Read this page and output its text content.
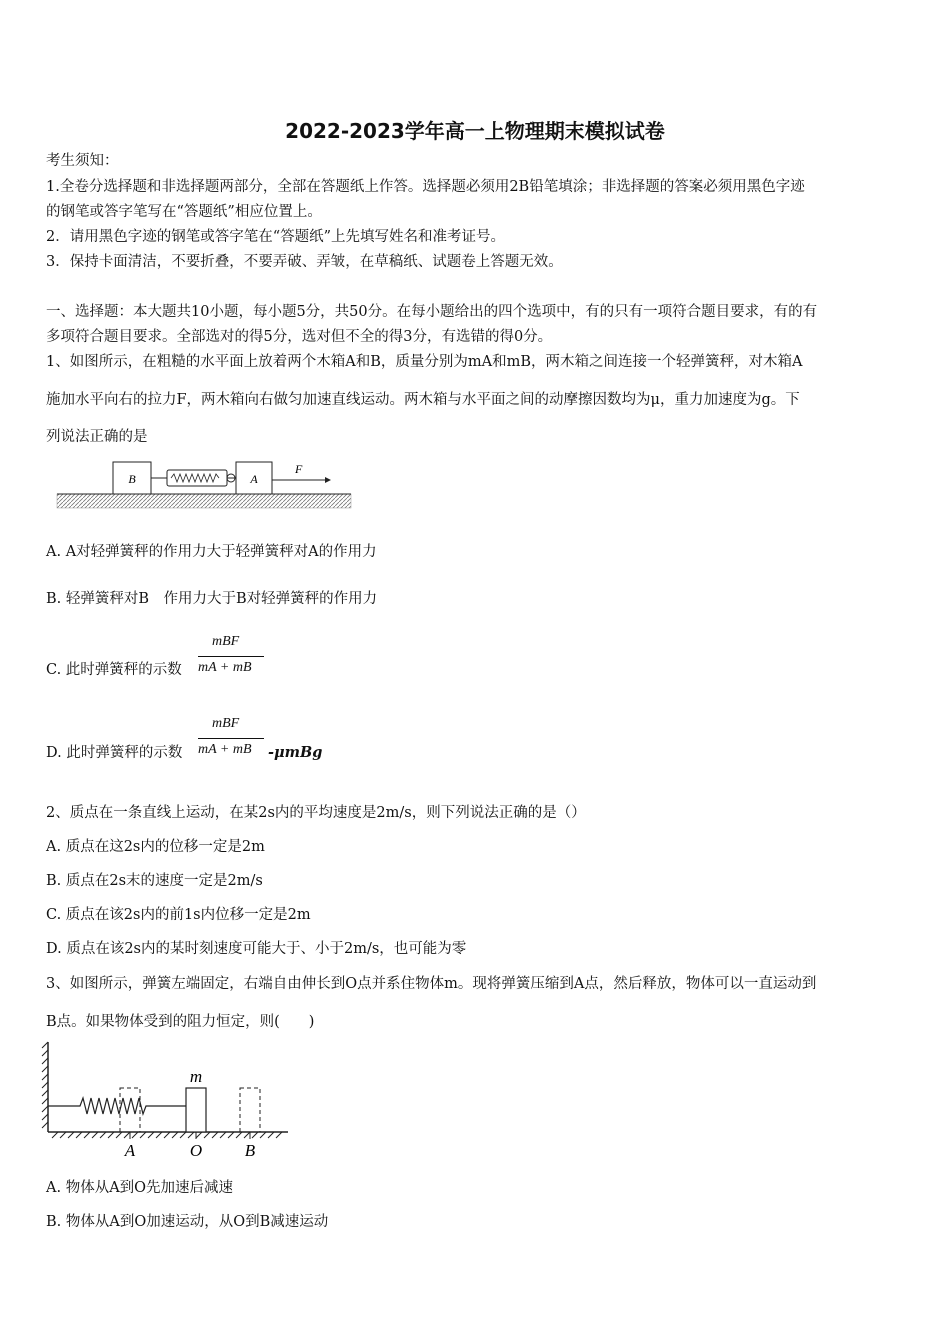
2022-2023学年高一上物理期末模拟试卷
考生须知：
1.全卷分选择题和非选择题两部分，全部在答题纸上作答。选择题必须用2B铅笔填涂；非选择题的答案必须用黑色字迹
的钢笔或答字笔写在“答题纸”相应位置上。
2．请用黑色字迹的钢笔或答字笔在“答题纸”上先填写姓名和准考证号。
3．保持卡面清洁，不要折叠，不要弄破、弄皱，在草稿纸、试题卷上答题无效。
一、选择题：本大题共10小题，每小题5分，共50分。在每小题给出的四个选项中，有的只有一项符合题目要求，有的有
多项符合题目要求。全部选对的得5分，选对但不全的得3分，有选错的得0分。
1、如图所示，在粗糙的水平面上放着两个木箱A和B，质量分别为mA和mB，两木箱之间连接一个轻弹簧秤，对木箱A
施加水平向右的拉力F，两木箱向右做匀加速直线运动。两木箱与水平面之间的动摩擦因数均为μ，重力加速度为g。下
列说法正确的是
B	A
F
A. A对轻弹簧秤的作用力大于轻弹簧秤对A的作用力
B. 轻弹簧秤对B　作用力大于B对轻弹簧秤的作用力
C. 此时弹簧秤的示数
mBF
mA + mB
D. 此时弹簧秤的示数
mBF
mA + mB -μmBg
2、质点在一条直线上运动，在某2s内的平均速度是2m/s，则下列说法正确的是（）
A. 质点在这2s内的位移一定是2m
B. 质点在2s末的速度一定是2m/s
C. 质点在该2s内的前1s内位移一定是2m
D. 质点在该2s内的某时刻速度可能大于、小于2m/s，也可能为零
3、如图所示，弹簧左端固定，右端自由伸长到O点并系住物体m。现将弹簧压缩到A点，然后释放，物体可以一直运动到
B点。如果物体受到的阻力恒定，则(　　)
m
A	O	B
A. 物体从A到O先加速后减速
B. 物体从A到O加速运动，从O到B减速运动
